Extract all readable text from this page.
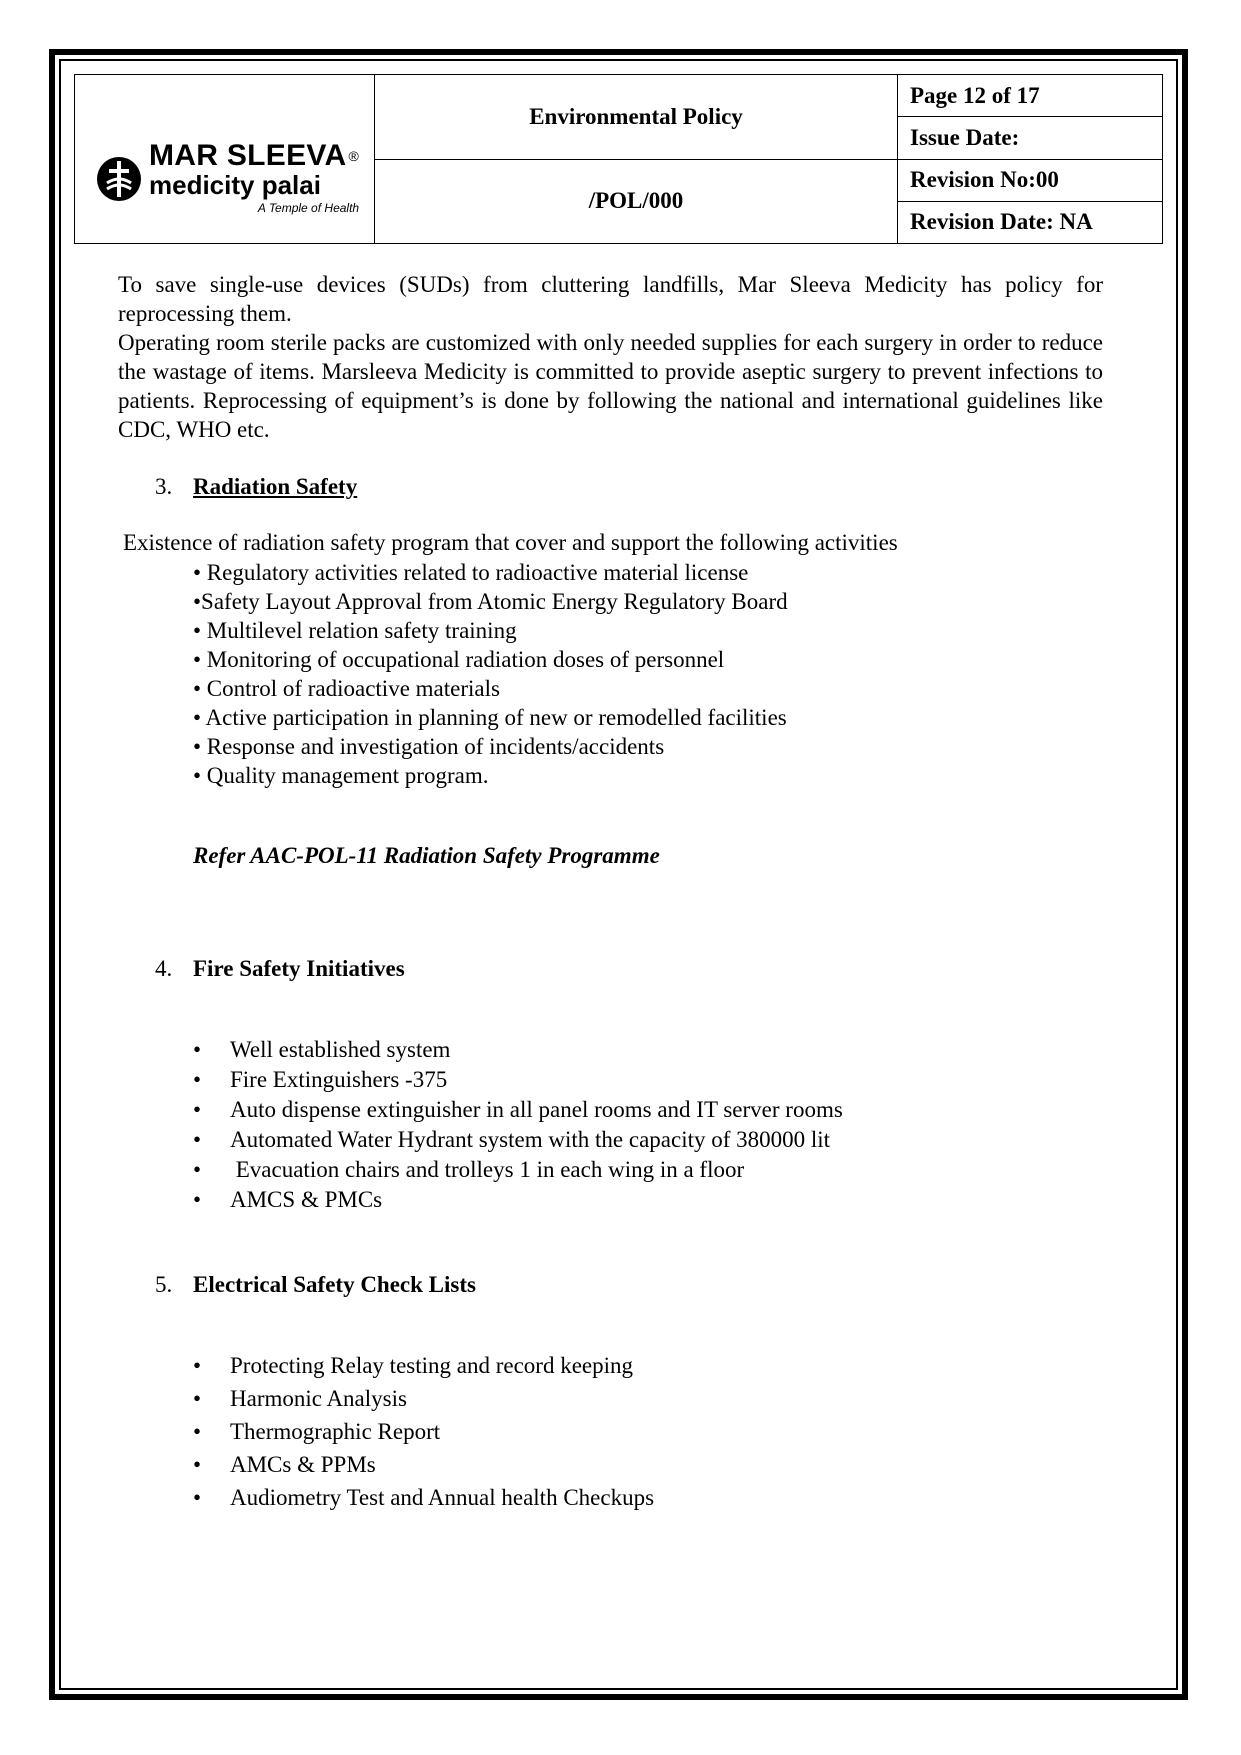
MAR SLEEVA ®
medicity palai
A Temple of Health	Environmental Policy	Page 12 of 17
		Issue Date:
	/POL/000	Revision No:00
		Revision Date: NA

To save single-use devices (SUDs) from cluttering landfills, Mar Sleeva Medicity has policy for reprocessing them.

Operating room sterile packs are customized with only needed supplies for each surgery in order to reduce the wastage of items. Marsleeva Medicity is committed to provide aseptic surgery to prevent infections to patients. Reprocessing of equipment’s is done by following the national and international guidelines like CDC, WHO etc.

3. Radiation Safety
Existence of radiation safety program that cover and support the following activities
• Regulatory activities related to radioactive material license
•Safety Layout Approval from Atomic Energy Regulatory Board
• Multilevel relation safety training
• Monitoring of occupational radiation doses of personnel
• Control of radioactive materials
• Active participation in planning of new or remodelled facilities
• Response and investigation of incidents/accidents
• Quality management program.
Refer AAC-POL-11 Radiation Safety Programme
4. Fire Safety Initiatives
• Well established system
• Fire Extinguishers -375
• Auto dispense extinguisher in all panel rooms and IT server rooms
• Automated Water Hydrant system with the capacity of 380000 lit
• Evacuation chairs and trolleys 1 in each wing in a floor
• AMCS & PMCs
5. Electrical Safety Check Lists
• Protecting Relay testing and record keeping
• Harmonic Analysis
• Thermographic Report
• AMCs & PPMs
• Audiometry Test and Annual health Checkups
